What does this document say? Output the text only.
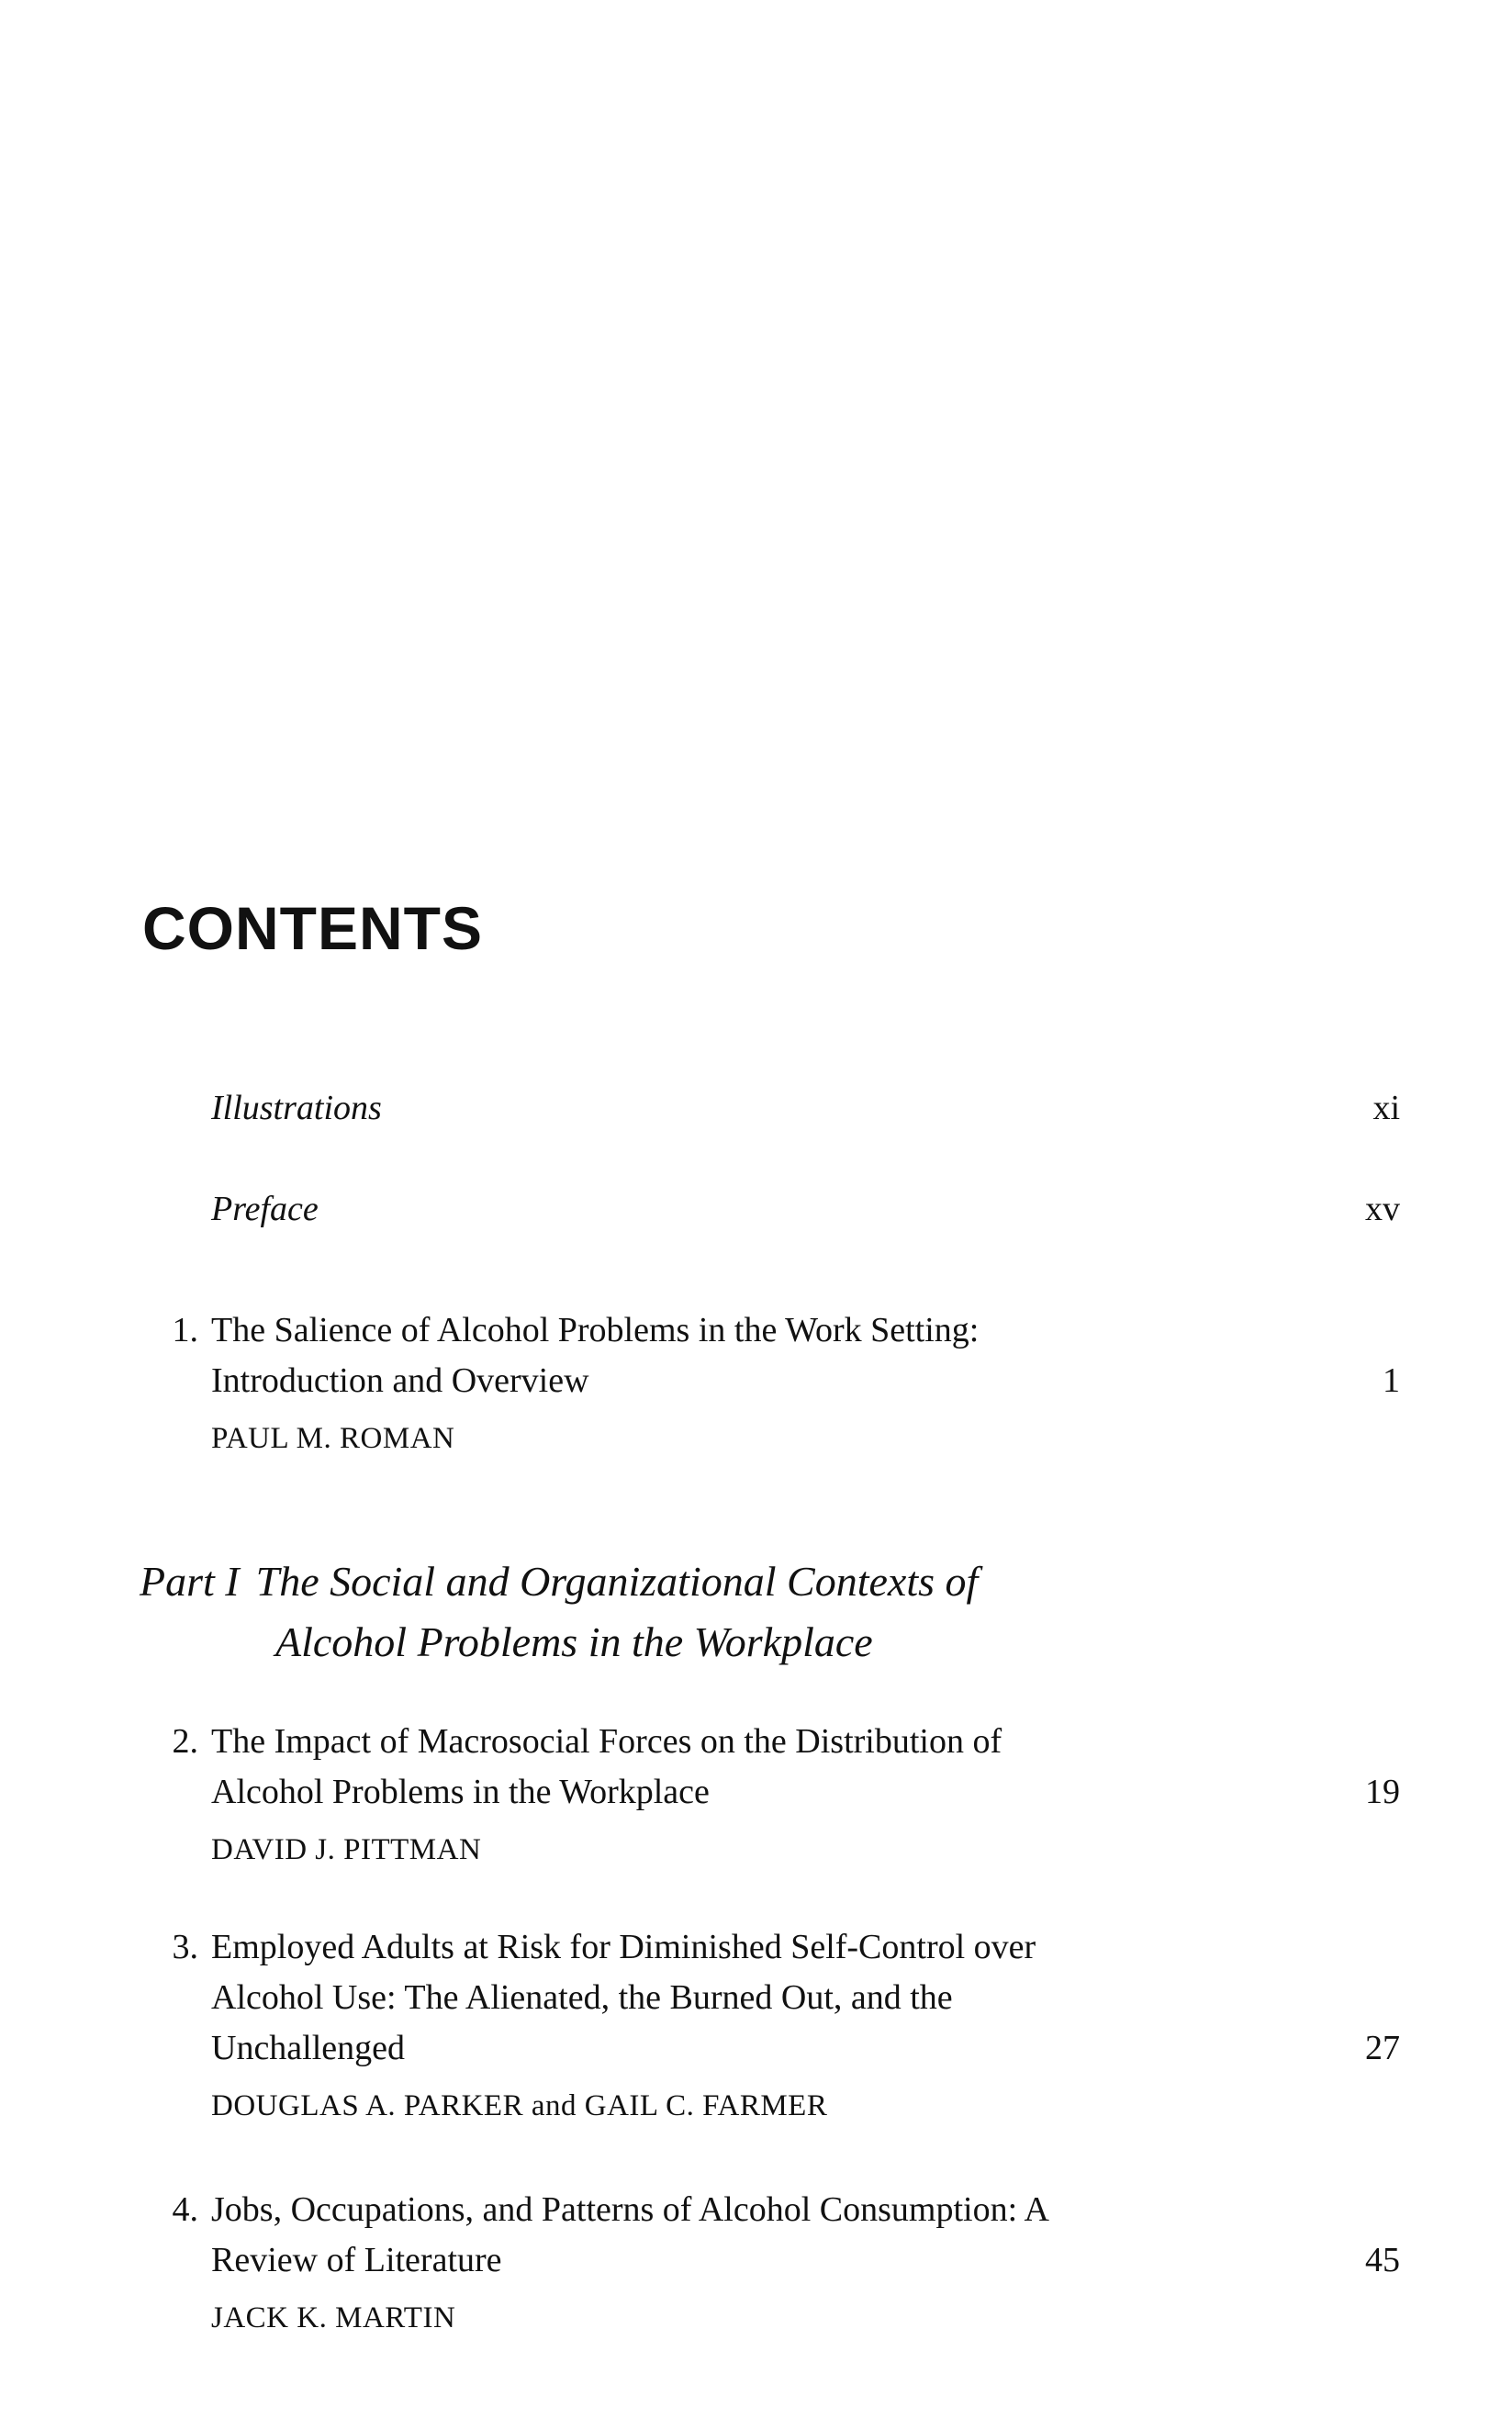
CONTENTS
Illustrations	xi
Preface	xv
1. The Salience of Alcohol Problems in the Work Setting:
Introduction and Overview	1
PAUL M. ROMAN
Part I The Social and Organizational Contexts of
Alcohol Problems in the Workplace
2. The Impact of Macrosocial Forces on the Distribution of
Alcohol Problems in the Workplace	19
DAVID J. PITTMAN
3. Employed Adults at Risk for Diminished Self-Control over
Alcohol Use: The Alienated, the Burned Out, and the
Unchallenged	27
DOUGLAS A. PARKER and GAIL C. FARMER
4. Jobs, Occupations, and Patterns of Alcohol Consumption: A
Review of Literature	45
JACK K. MARTIN
